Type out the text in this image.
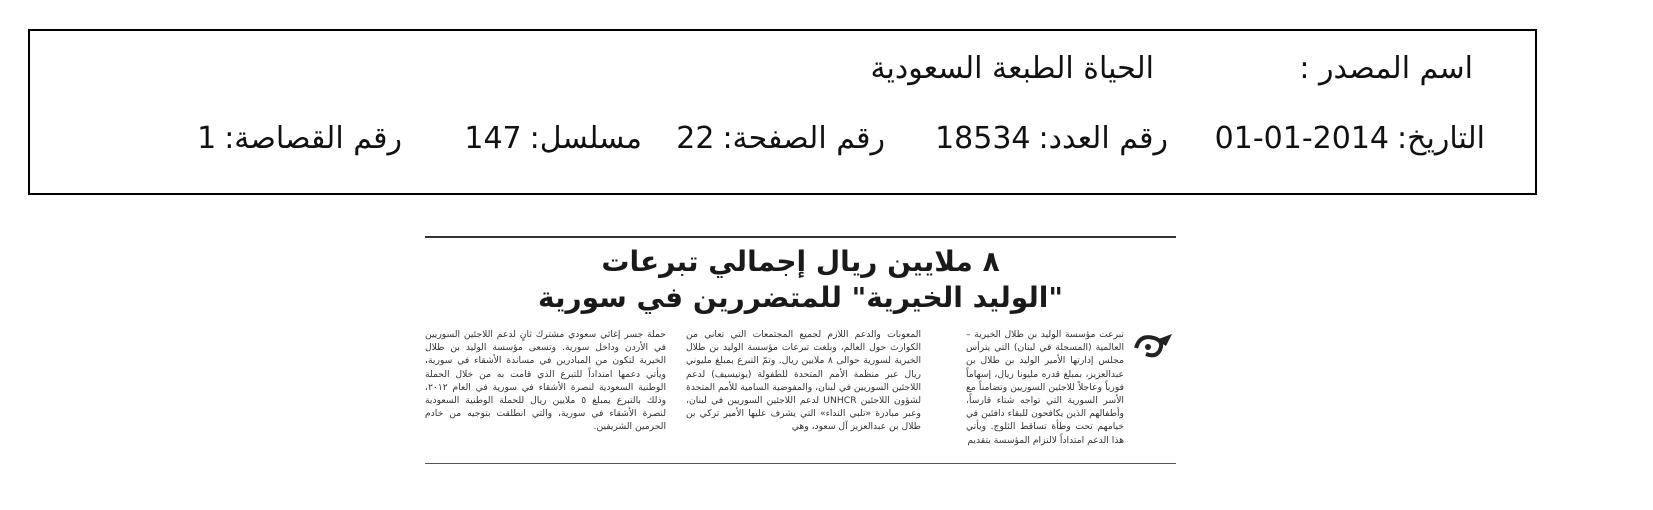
اسم المصدر :
الحياة الطبعة السعودية
التاريخ:2014-01-01
رقم العدد:18534
رقم الصفحة:22
مسلسل:147
رقم القصاصة:1
٨ ملايين ريال إجمالي تبرعات
"الوليد الخيرية" للمتضررين في سورية

تبرعت مؤسسة الوليد بن طلال الخيرية – العالمية (المسجلة في لبنان) التي يترأس مجلس إدارتها الأمير الوليد بن طلال بن عبدالعزيز، بمبلغ قدره مليونا ريال، إسهاماً فورياً وعاجلاً للاجئين السوريين وتضامناً مع الأسر السورية التي تواجه شتاء قارساً، وأطفالهم الذين يكافحون للبقاء دافئين في خيامهم تحت وطأة تساقط الثلوج. ويأتي هذا الدعم امتداداً لالتزام المؤسسة بتقديم

المعونات والدعم اللازم لجميع المجتمعات التي تعاني من الكوارث حول العالم، وبلغت تبرعات مؤسسة الوليد بن طلال الخيرية لسورية حوالى ٨ ملايين ريال. وتمّ التبرع بمبلغ مليوني ريال عبر منظمة الأمم المتحدة للطفولة (يونيسيف) لدعم اللاجئين السوريين في لبنان، والمفوضية السامية للأمم المتحدة لشؤون اللاجئين UNHCR لدعم اللاجئين السوريين في لبنان، وعبر مبادرة «تلبي النداء» التي يشرف عليها الأمير تركي بن طلال بن عبدالعزيز آل سعود، وهي

حملة جسر إغاثي سعودي مشترك ثانٍ لدعم اللاجئين السوريين في الأردن وداخل سورية. وتسعى مؤسسة الوليد بن طلال الخيرية لتكون من المبادرين في مساندة الأشقاء في سورية، ويأتي دعمها امتداداً للتبرع الذي قامت به من خلال الحملة الوطنية السعودية لنصرة الأشقاء في سورية في العام ٢٠١٢، وذلك بالتبرع بمبلغ ٥ ملايين ريال للحملة الوطنية السعودية لنصرة الأشقاء في سورية، والتي انطلقت بتوجيه من خادم الحرمين الشريفين.
